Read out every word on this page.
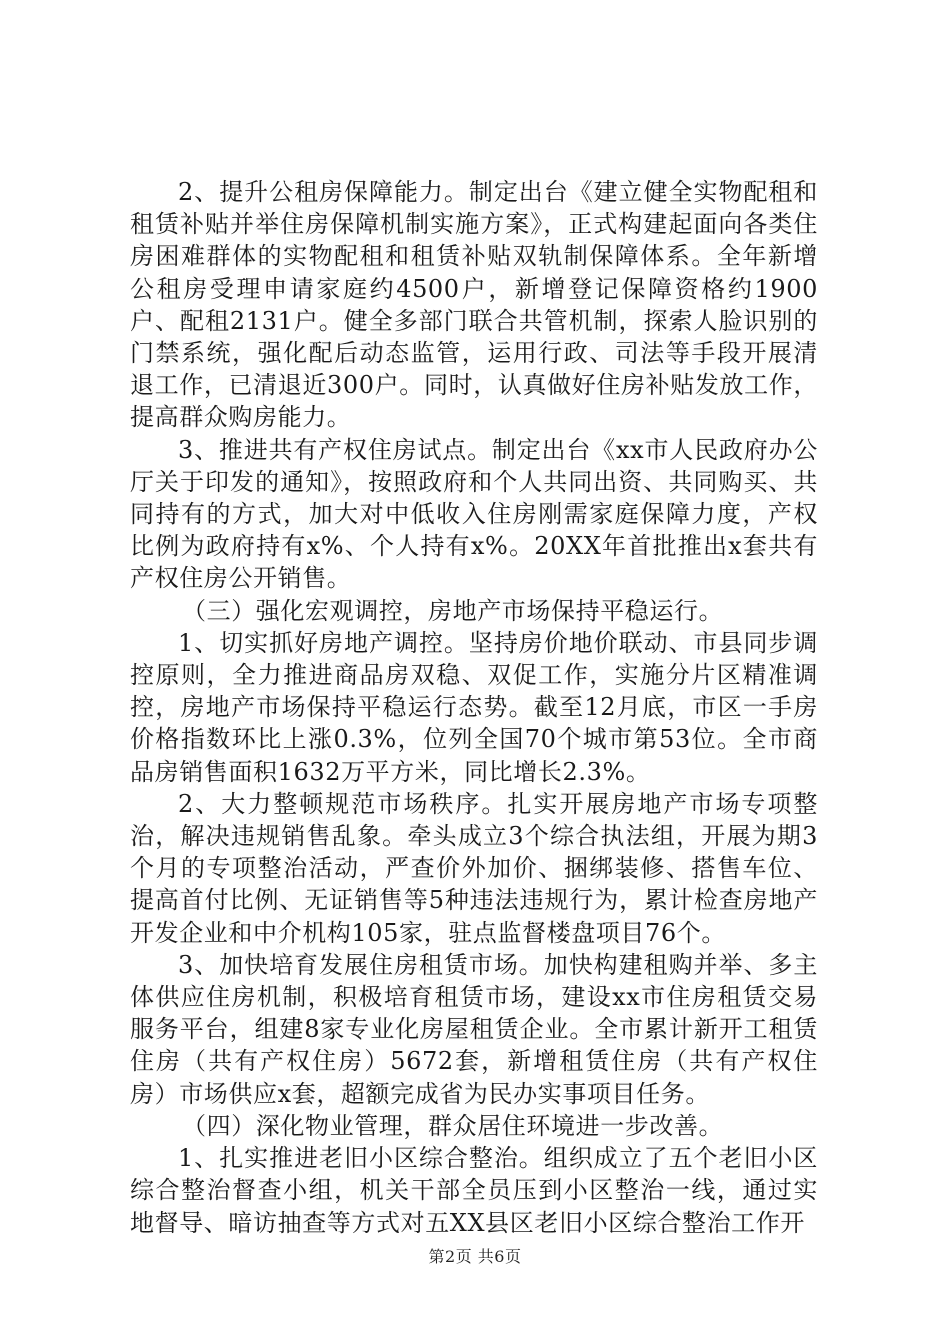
2、提升公租房保障能力。制定出台《建立健全实物配租和租赁补贴并举住房保障机制实施方案》，正式构建起面向各类住房困难群体的实物配租和租赁补贴双轨制保障体系。全年新增公租房受理申请家庭约4500户，新增登记保障资格约1900户、配租2131户。健全多部门联合共管机制，探索人脸识别的门禁系统，强化配后动态监管，运用行政、司法等手段开展清退工作，已清退近300户。同时，认真做好住房补贴发放工作，提高群众购房能力。

3、推进共有产权住房试点。制定出台《xx市人民政府办公厅关于印发的通知》，按照政府和个人共同出资、共同购买、共同持有的方式，加大对中低收入住房刚需家庭保障力度，产权比例为政府持有x%、个人持有x%。20XX年首批推出x套共有产权住房公开销售。

（三）强化宏观调控，房地产市场保持平稳运行。

1、切实抓好房地产调控。坚持房价地价联动、市县同步调控原则，全力推进商品房双稳、双促工作，实施分片区精准调控，房地产市场保持平稳运行态势。截至12月底，市区一手房价格指数环比上涨0.3%，位列全国70个城市第53位。全市商品房销售面积1632万平方米，同比增长2.3%。

2、大力整顿规范市场秩序。扎实开展房地产市场专项整治，解决违规销售乱象。牵头成立3个综合执法组，开展为期3个月的专项整治活动，严查价外加价、捆绑装修、搭售车位、提高首付比例、无证销售等5种违法违规行为，累计检查房地产开发企业和中介机构105家，驻点监督楼盘项目76个。

3、加快培育发展住房租赁市场。加快构建租购并举、多主体供应住房机制，积极培育租赁市场，建设xx市住房租赁交易服务平台，组建8家专业化房屋租赁企业。全市累计新开工租赁住房（共有产权住房）5672套，新增租赁住房（共有产权住房）市场供应x套，超额完成省为民办实事项目任务。

（四）深化物业管理，群众居住环境进一步改善。

1、扎实推进老旧小区综合整治。组织成立了五个老旧小区综合整治督查小组，机关干部全员压到小区整治一线，通过实地督导、暗访抽查等方式对五XX县区老旧小区综合整治工作开

第2页 共6页
